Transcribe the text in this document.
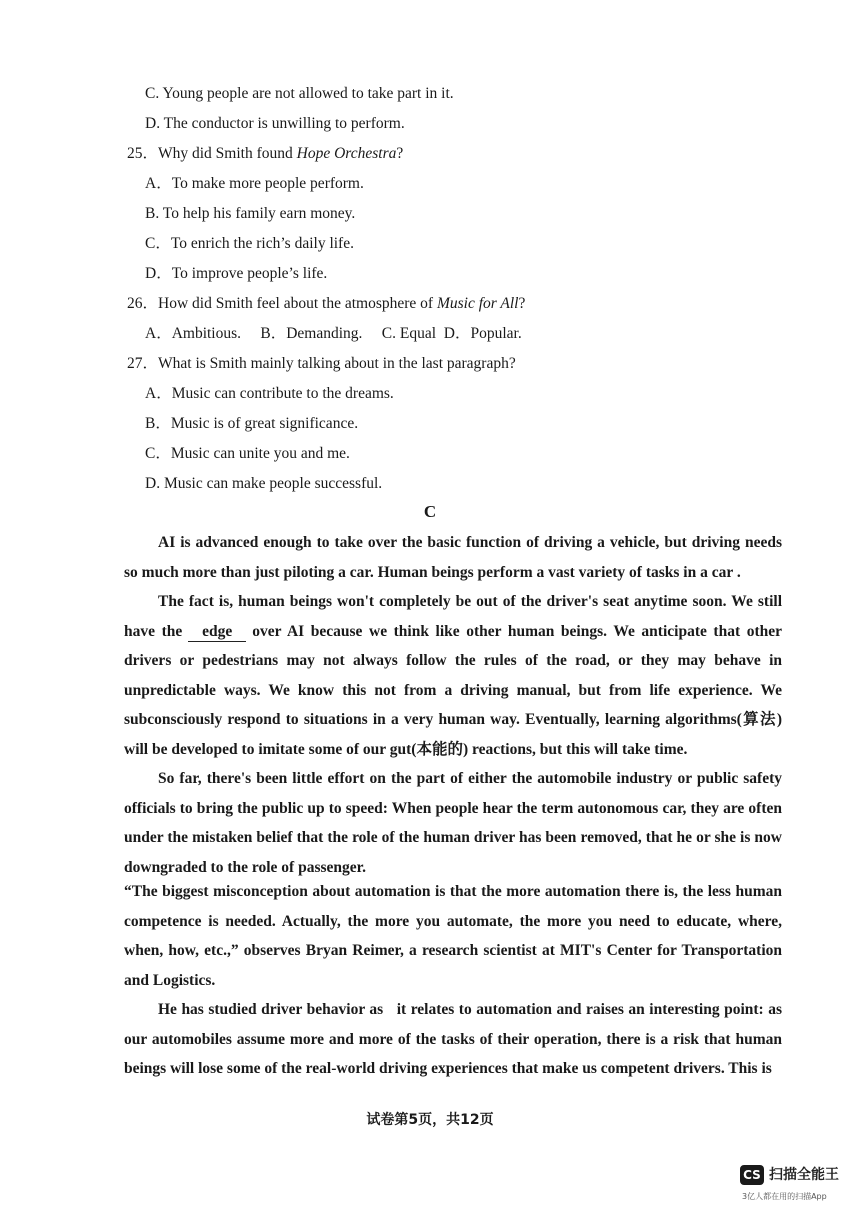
C. Young people are not allowed to take part in it.
D. The conductor is unwilling to perform.
25．Why did Smith found Hope Orchestra?
A．To make more people perform.
B. To help his family earn money.
C．To enrich the rich’s daily life.
D．To improve people’s life.
26．How did Smith feel about the atmosphere of Music for All?
A．Ambitious.     B．Demanding.     C. Equal  D．Popular.
27．What is Smith mainly talking about in the last paragraph?
A．Music can contribute to the dreams.
B．Music is of great significance.
C．Music can unite you and me.
D. Music can make people successful.
C
AI is advanced enough to take over the basic function of driving a vehicle, but driving needs so much more than just piloting a car. Human beings perform a vast variety of tasks in a car .
The fact is, human beings won't completely be out of the driver's seat anytime soon. We still have the edge over AI because we think like other human beings. We anticipate that other drivers or pedestrians may not always follow the rules of the road, or they may behave in unpredictable ways. We know this not from a driving manual, but from life experience. We subconsciously respond to situations in a very human way. Eventually, learning algorithms(算法) will be developed to imitate some of our gut(本能的) reactions, but this will take time.
So far, there's been little effort on the part of either the automobile industry or public safety officials to bring the public up to speed: When people hear the term autonomous car, they are often under the mistaken belief that the role of the human driver has been removed, that he or she is now downgraded to the role of passenger.
“The biggest misconception about automation is that the more automation there is, the less human competence is needed. Actually, the more you automate, the more you need to educate, where, when, how, etc.,” observes Bryan Reimer, a research scientist at MIT's Center for Transportation and Logistics.
He has studied driver behavior as   it relates to automation and raises an interesting point: as our automobiles assume more and more of the tasks of their operation, there is a risk that human beings will lose some of the real-world driving experiences that make us competent drivers. This is
试卷第5页，共12页
CS 扫描全能王
3亿人都在用的扫描App
